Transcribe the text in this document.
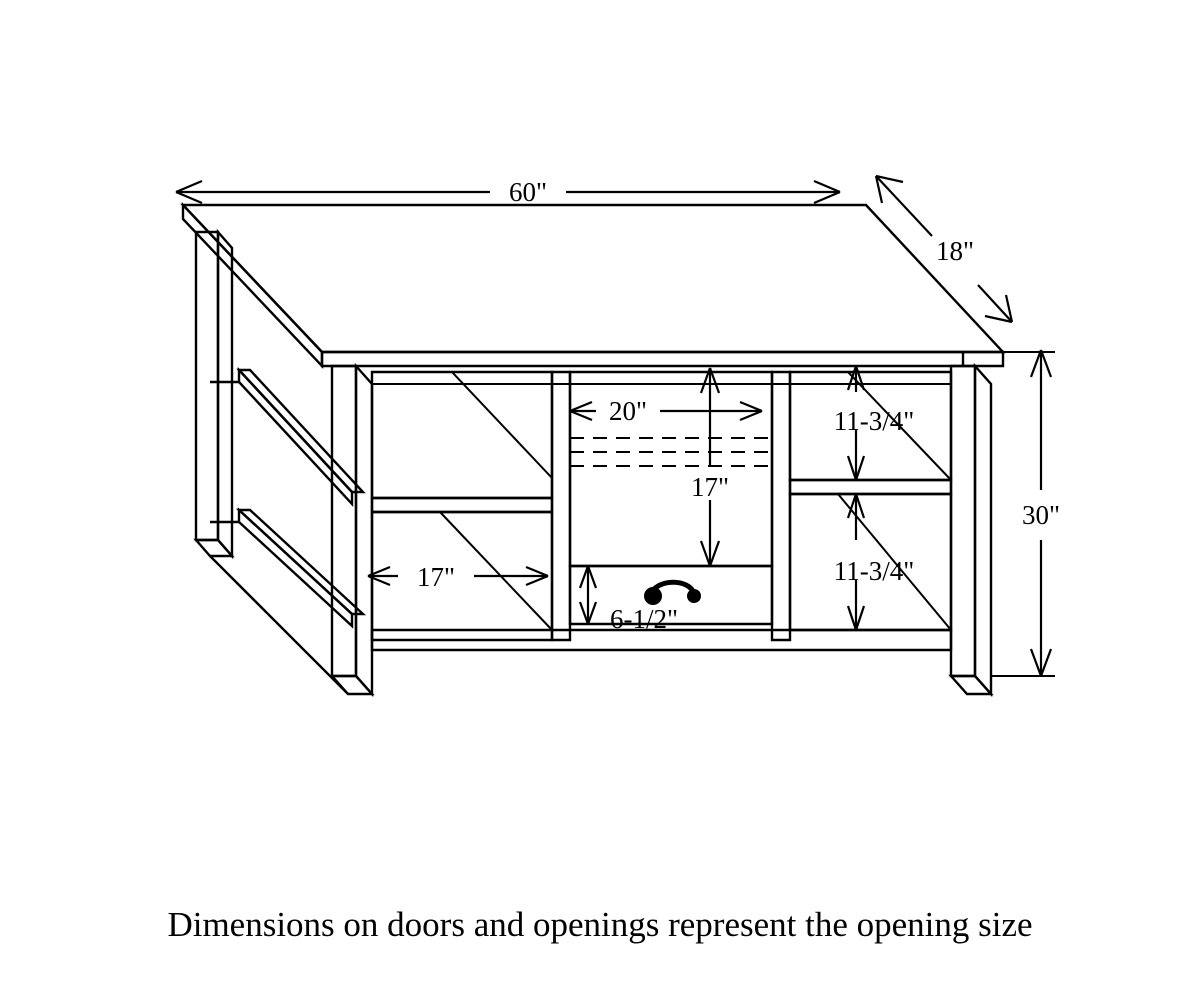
60"
18"
30"
20"
17"
17"
6-1/2"
11-3/4"
11-3/4"
Dimensions on doors and openings represent the opening size
